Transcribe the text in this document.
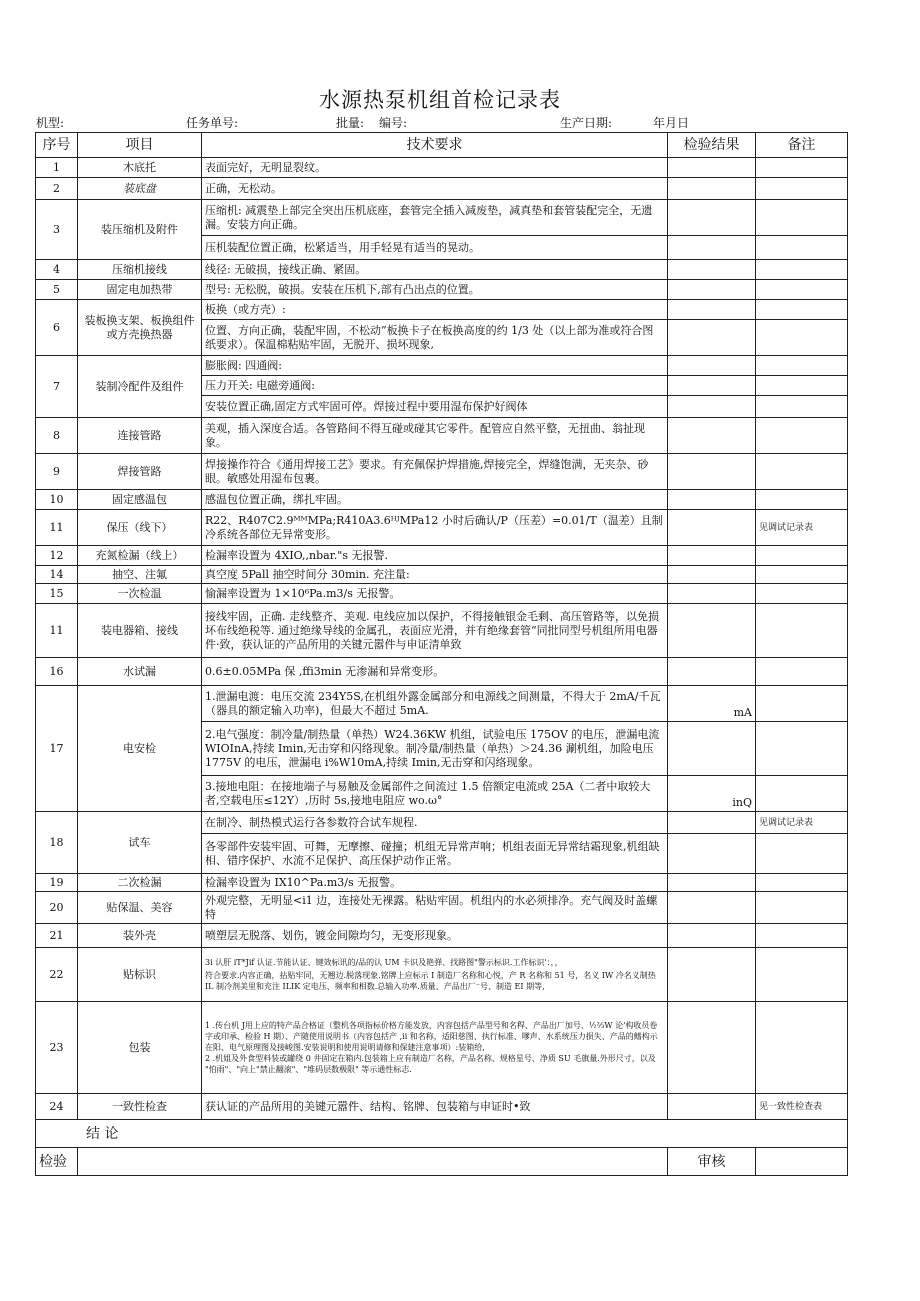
水源热泵机组首检记录表
机型:	任务单号:	批量: 编号:	生产日期:	年月日
序号	项目	技术要求	检验结果	备注
1	木底托	表面完好，无明显裂纹。		
2	装底盘	正确，无松动。		
3	装压缩机及附件	压缩机: 减震垫上部完全突出压机底座，套管完全插入减废垫，减真垫和套管装配完全，无遗漏。安装方向正确。		
		压机装配位置正确，松紧适当，用手轻晃有适当的晃动。		
4	压缩机接线	线径: 无破损，接线正确、紧固。		
5	固定电加热带	型号: 无松脱，破损。安装在压机下,部有凸出点的位置。		
6	装板换支架、板换组件或方壳换热器	板换（或方壳）:		
		位置、方向正确，装配牢固，不松动”板换卡子在板换高度的约 1/3 处（以上部为准或符合图纸要求）。保温棉粘贴牢固，无脱开、损坏现象,		
7	装制冷配件及组件	膨胀阀: 四通阀:		
		压力开关: 电磁旁通阀:		
		安装位置正确,固定方式牢固可停。焊接过程中要用湿布保护好阀体		
8	连接管路	美观，插入深度合适。各管路间不得互碰或碰其它零件。配管应自然平整，无扭曲、翁扯现象。		
9	焊接管路	焊接操作符合《通用焊接工艺》要求。有充佩保护焊措施,焊接完全，焊缝饱满，无夹杂、砂眼。敏感处用湿布包裹。		
10	固定感温包	感温包位置正确，绑扎牢固。		
11	保压（线下）	R22、R407C2.9ᴹᴹMPa;R410A3.6ᴴᴶMPa12 小时后确认/P（压差）=0.01/T（温差）且制冷系统各部位无异常变形。		见调试记录表
12	充氮检漏（线上）	检漏率设置为 4XIO,,nbar."s 无报警.		
14	抽空、注氟	真空度 5Pall 抽空时间分 30min. 充注量:		
15	一次检温	愉漏率设置为 1×10⁶Pa.m3/s 无报警。		
11	装电器箱、接线	接线牢固，正确. 走线整齐、美观. 电线应加以保护，不得接触银金毛剩、高压管路等，以免损坏布线绝税等. 通过绝缘导线的金属孔，表面应光滑，并有绝缘套管“同批同型号机组所用电器件·致，获认证的产品所用的关键元嚣件与申证清单致		
16	水试漏	0.6±0.05MPa 保 ,ffi3min 无渗漏和异常变形。		
17	电安检	1.泄漏电渡：电压交流 234Y5S,在机组外露金属部分和电源线之间测量，不得大于 2mA/千瓦（器具的额定输入功率)，但最大不超过 5mA.	mA	
		2.电气强度：制冷量/制热量（单热）W24.36KW 机组，试验电压 175OV 的电压，泄漏电流WIOInA,持续 Imin,无击穿和闪络现象。制冷量/制热量（单热）＞24.36 涮机组，加险电压 1775V 的电压，泄漏电 i%W10mA,持续 Imin,无击穿和闪络现象。		
		3.接地电阻：在接地端子与易触及金属部件之间流过 1.5 倍额定电流或 25A（二者中取较大者,空载电压≤12Y）,历时 5s,接地电阻应 wo.ω°	inQ	
18	试车	在制冷、制热模式运行各参数符合试车规程.		见调试记录表
		各零部件安装牢固、可舞，无摩擦、碰撞；机组无异常声响；机组表面无异常结霜现象,机组缺相、错序保护、水流不足保护、高压保护动作正常。		
19	二次检漏	检漏率设置为 IX10^Pa.m3/s 无报警。		
20	贴保温、美容	外观完整，无明显<i1 边，连接处无裸露。粘贴牢固。机组内的水必须排净。充气阀及时盖螺特		
21	装外壳	喷塑层无脱落、划伤，镀金间隙均匀，无变形现象。		
22	贴标识	3i 认肝 iT*Jif 认证.节能认证、键效标讯的/品的认 UM 卡识及艳弹、找路图"警示标识.工作标识'：，，
符合要求.内容正确，拈贴牢同，无翘边.脱落现象.铭牌上应标示 I 制造厂名称和心悦，产 R 名称和 51 号，名义 IW 冷名义制热 IL 制冷剂美里和充注 ILIK 定电压、频率和相数.总输入功率.质量、产品出厂⁻号、制造 EI 期等,		

23	包装	1 .传台机 J用上应的特产品合格证（整机各项指标价格方能发放，内容包括产品型号和名稈、产品出厂加号、½⅔W 论'构收员卷字或印承、检验 H 期）、产随使用说明书（内容包括产 ,ii 和名称，适阳慈图、执行标准、嗲声、水系统压力损失、产品的鳍构示在阳、电气原理图及接峻图.安装说明和使用说明请修和保建注意事项）:装箱给,
2 .机姐及外食型料装或罐绕 0 井固定在箱内.包装箱上应有制造厂名称，产品名称、规格星号、净质 SU 毛旗量.外形尺寸，以及 "怕雨"、"向上"禁止翻滚"、"堆码层数极限" 等示通性标志.		

24	一致性检查	获认证的产品所用的美键元嚣件、结构、铭牌、包装箱与申证时•致		见一致性检查表
结 论				
检验			审核	
